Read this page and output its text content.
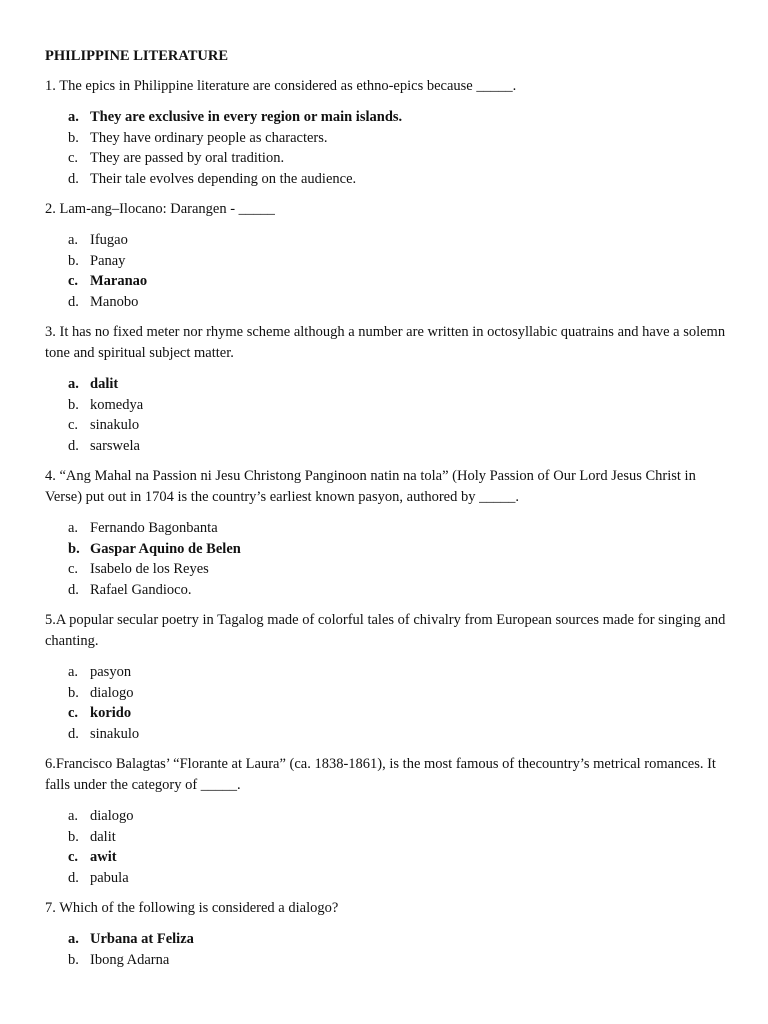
PHILIPPINE LITERATURE
1. The epics in Philippine literature are considered as ethno-epics because _____.
a. They are exclusive in every region or main islands.
b. They have ordinary people as characters.
c. They are passed by oral tradition.
d. Their tale evolves depending on the audience.
2. Lam-ang–Ilocano: Darangen - _____
a. Ifugao
b. Panay
c. Maranao
d. Manobo
3. It has no fixed meter nor rhyme scheme although a number are written in octosyllabic quatrains and have a solemn tone and spiritual subject matter.
a. dalit
b. komedya
c. sinakulo
d. sarswela
4. “Ang Mahal na Passion ni Jesu Christong Panginoon natin na tola” (Holy Passion of Our Lord Jesus Christ in Verse) put out in 1704 is the country’s earliest known pasyon, authored by _____.
a. Fernando Bagonbanta
b. Gaspar Aquino de Belen
c. Isabelo de los Reyes
d. Rafael Gandioco.
5.A popular secular poetry in Tagalog made of colorful tales of chivalry from European sources made for singing and chanting.
a. pasyon
b. dialogo
c. korido
d. sinakulo
6.Francisco Balagtas’ “Florante at Laura” (ca. 1838-1861), is the most famous of thecountry’s metrical romances. It falls under the category of _____.
a. dialogo
b. dalit
c. awit
d. pabula
7. Which of the following is considered a dialogo?
a. Urbana at Feliza
b. Ibong Adarna
